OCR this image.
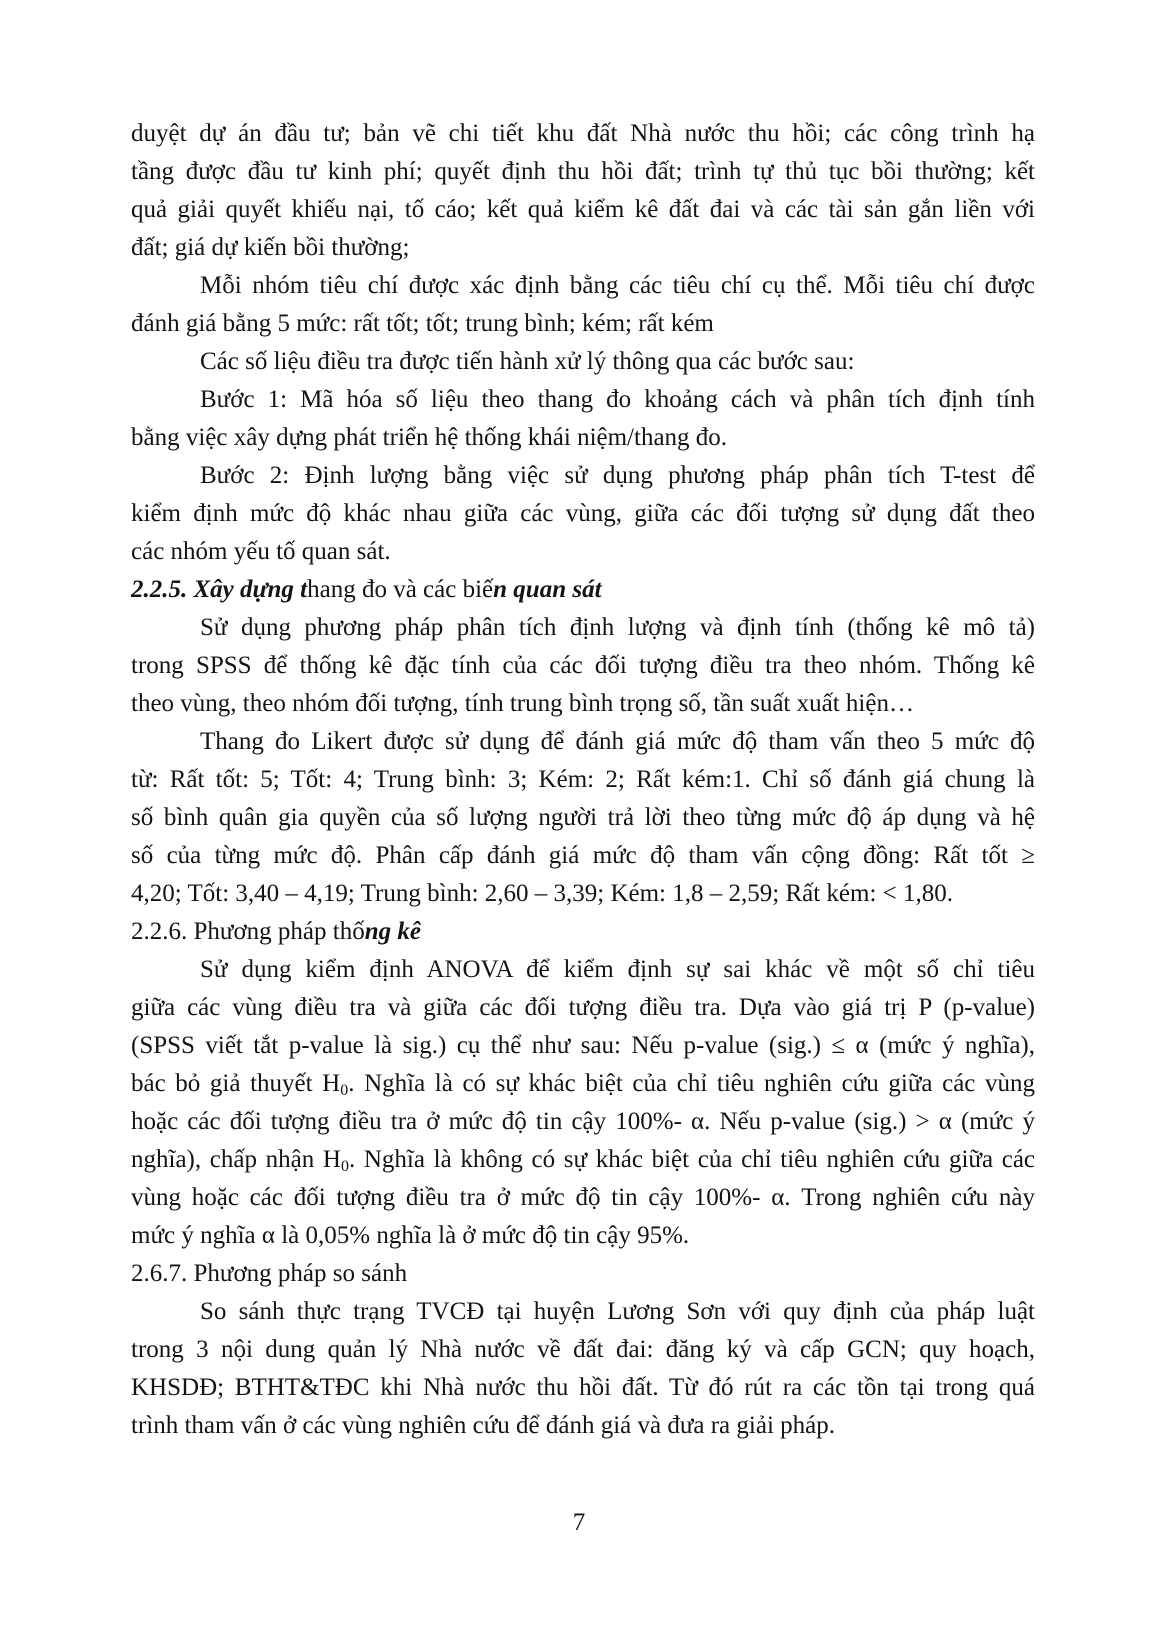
duyệt dự án đầu tư; bản vẽ chi tiết khu đất Nhà nước thu hồi; các công trình hạ
tầng được đầu tư kinh phí; quyết định thu hồi đất; trình tự thủ tục bồi thường; kết
quả giải quyết khiếu nại, tố cáo; kết quả kiểm kê đất đai và các tài sản gắn liền với
đất; giá dự kiến bồi thường;
Mỗi nhóm tiêu chí được xác định bằng các tiêu chí cụ thể. Mỗi tiêu chí được
đánh giá bằng 5 mức: rất tốt; tốt; trung bình; kém; rất kém
Các số liệu điều tra được tiến hành xử lý thông qua các bước sau:
Bước 1: Mã hóa số liệu theo thang đo khoảng cách và phân tích định tính
bằng việc xây dựng phát triển hệ thống khái niệm/thang đo.
Bước 2: Định lượng bằng việc sử dụng phương pháp phân tích T-test để
kiểm định mức độ khác nhau giữa các vùng, giữa các đối tượng sử dụng đất theo
các nhóm yếu tố quan sát.
2.2.5. Xây dựng thang đo và các biến quan sát
Sử dụng phương pháp phân tích định lượng và định tính (thống kê mô tả)
trong SPSS để thống kê đặc tính của các đối tượng điều tra theo nhóm. Thống kê
theo vùng, theo nhóm đối tượng, tính trung bình trọng số, tần suất xuất hiện…
Thang đo Likert được sử dụng để đánh giá mức độ tham vấn theo 5 mức độ
từ: Rất tốt: 5; Tốt: 4; Trung bình: 3; Kém: 2; Rất kém:1. Chỉ số đánh giá chung là
số bình quân gia quyền của số lượng người trả lời theo từng mức độ áp dụng và hệ
số của từng mức độ. Phân cấp đánh giá mức độ tham vấn cộng đồng: Rất tốt ≥
4,20; Tốt: 3,40 – 4,19; Trung bình: 2,60 – 3,39; Kém: 1,8 – 2,59; Rất kém: < 1,80.
2.2.6. Phương pháp thống kê
Sử dụng kiểm định ANOVA để kiểm định sự sai khác về một số chỉ tiêu
giữa các vùng điều tra và giữa các đối tượng điều tra. Dựa vào giá trị P (p-value)
(SPSS viết tắt p-value là sig.) cụ thể như sau: Nếu p-value (sig.) ≤ α (mức ý nghĩa),
bác bỏ giả thuyết $H_0$. Nghĩa là có sự khác biệt của chỉ tiêu nghiên cứu giữa các vùng
hoặc các đối tượng điều tra ở mức độ tin cậy 100%- α. Nếu p-value (sig.) > α (mức ý
nghĩa), chấp nhận $H_0$. Nghĩa là không có sự khác biệt của chỉ tiêu nghiên cứu giữa các
vùng hoặc các đối tượng điều tra ở mức độ tin cậy 100%- α. Trong nghiên cứu này
mức ý nghĩa α là 0,05% nghĩa là ở mức độ tin cậy 95%.
2.6.7. Phương pháp so sánh
So sánh thực trạng TVCĐ tại huyện Lương Sơn với quy định của pháp luật
trong 3 nội dung quản lý Nhà nước về đất đai: đăng ký và cấp GCN; quy hoạch,
KHSDĐ; BTHT&TĐC khi Nhà nước thu hồi đất. Từ đó rút ra các tồn tại trong quá
trình tham vấn ở các vùng nghiên cứu để đánh giá và đưa ra giải pháp.
7
